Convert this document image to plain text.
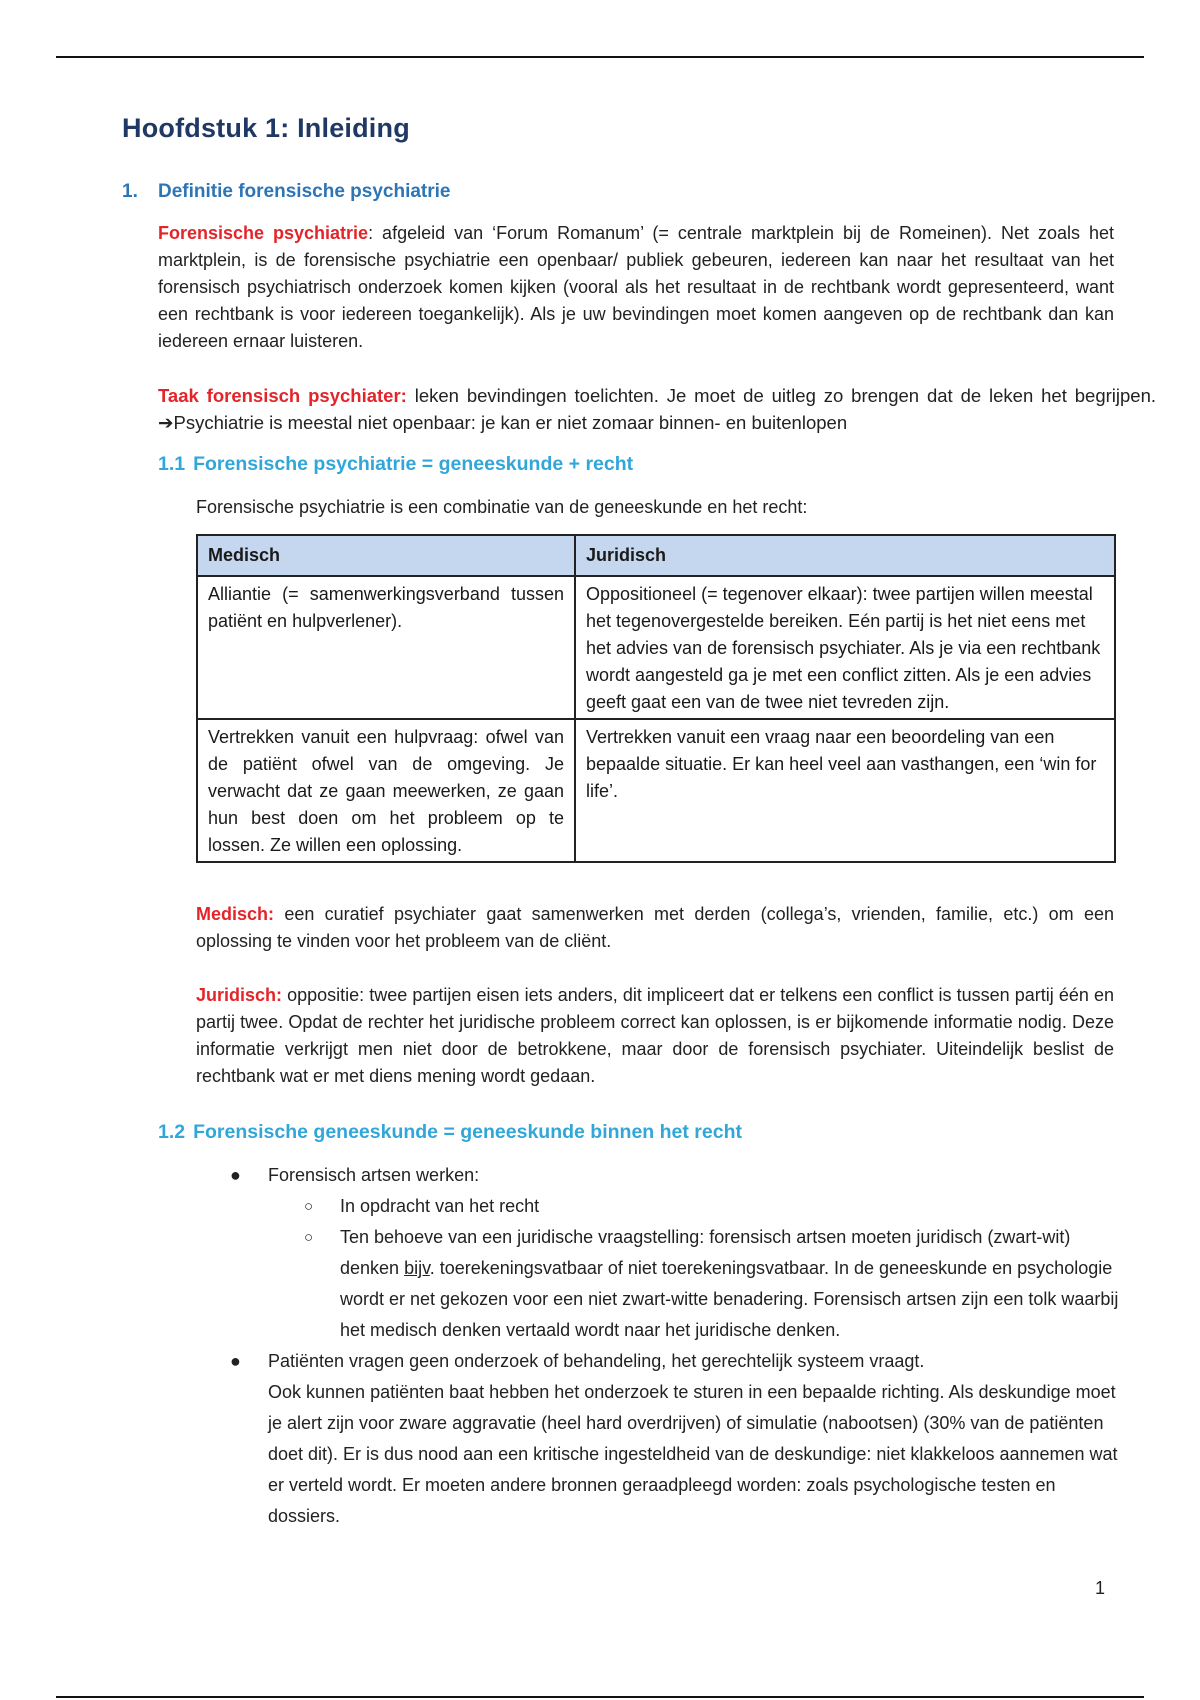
Hoofdstuk 1: Inleiding
1. Definitie forensische psychiatrie

Forensische psychiatrie: afgeleid van ‘Forum Romanum’ (= centrale marktplein bij de Romeinen). Net zoals het marktplein, is de forensische psychiatrie een openbaar/ publiek gebeuren, iedereen kan naar het resultaat van het forensisch psychiatrisch onderzoek komen kijken (vooral als het resultaat in de rechtbank wordt gepresenteerd, want een rechtbank is voor iedereen toegankelijk). Als je uw bevindingen moet komen aangeven op de rechtbank dan kan iedereen ernaar luisteren.

Taak forensisch psychiater: leken bevindingen toelichten. Je moet de uitleg zo brengen dat de leken het begrijpen. ➔Psychiatrie is meestal niet openbaar: je kan er niet zomaar binnen- en buitenlopen

1.1 Forensische psychiatrie = geneeskunde + recht

Forensische psychiatrie is een combinatie van de geneeskunde en het recht:

Medisch	Juridisch
Alliantie (= samenwerkingsverband tussen patiënt en hulpverlener).	Oppositioneel (= tegenover elkaar): twee partijen willen meestal het tegenovergestelde bereiken. Eén partij is het niet eens met het advies van de forensisch psychiater. Als je via een rechtbank wordt aangesteld ga je met een conflict zitten. Als je een advies geeft gaat een van de twee niet tevreden zijn.
Vertrekken vanuit een hulpvraag: ofwel van de patiënt ofwel van de omgeving. Je verwacht dat ze gaan meewerken, ze gaan hun best doen om het probleem op te lossen. Ze willen een oplossing.	Vertrekken vanuit een vraag naar een beoordeling van een bepaalde situatie. Er kan heel veel aan vasthangen, een ‘win for life’.

Medisch: een curatief psychiater gaat samenwerken met derden (collega’s, vrienden, familie, etc.) om een oplossing te vinden voor het probleem van de cliënt.

Juridisch: oppositie: twee partijen eisen iets anders, dit impliceert dat er telkens een conflict is tussen partij één en partij twee. Opdat de rechter het juridische probleem correct kan oplossen, is er bijkomende informatie nodig. Deze informatie verkrijgt men niet door de betrokkene, maar door de forensisch psychiater. Uiteindelijk beslist de rechtbank wat er met diens mening wordt gedaan.

1.2 Forensische geneeskunde = geneeskunde binnen het recht
● Forensisch artsen werken:
○ In opdracht van het recht
○ Ten behoeve van een juridische vraagstelling: forensisch artsen moeten juridisch (zwart-wit) denken bijv. toerekeningsvatbaar of niet toerekeningsvatbaar. In de geneeskunde en psychologie wordt er net gekozen voor een niet zwart-witte benadering. Forensisch artsen zijn een tolk waarbij het medisch denken vertaald wordt naar het juridische denken.
● Patiënten vragen geen onderzoek of behandeling, het gerechtelijk systeem vraagt.
Ook kunnen patiënten baat hebben het onderzoek te sturen in een bepaalde richting. Als deskundige moet je alert zijn voor zware aggravatie (heel hard overdrijven) of simulatie (nabootsen) (30% van de patiënten doet dit). Er is dus nood aan een kritische ingesteldheid van de deskundige: niet klakkeloos aannemen wat er verteld wordt. Er moeten andere bronnen geraadpleegd worden: zoals psychologische testen en dossiers.
1
